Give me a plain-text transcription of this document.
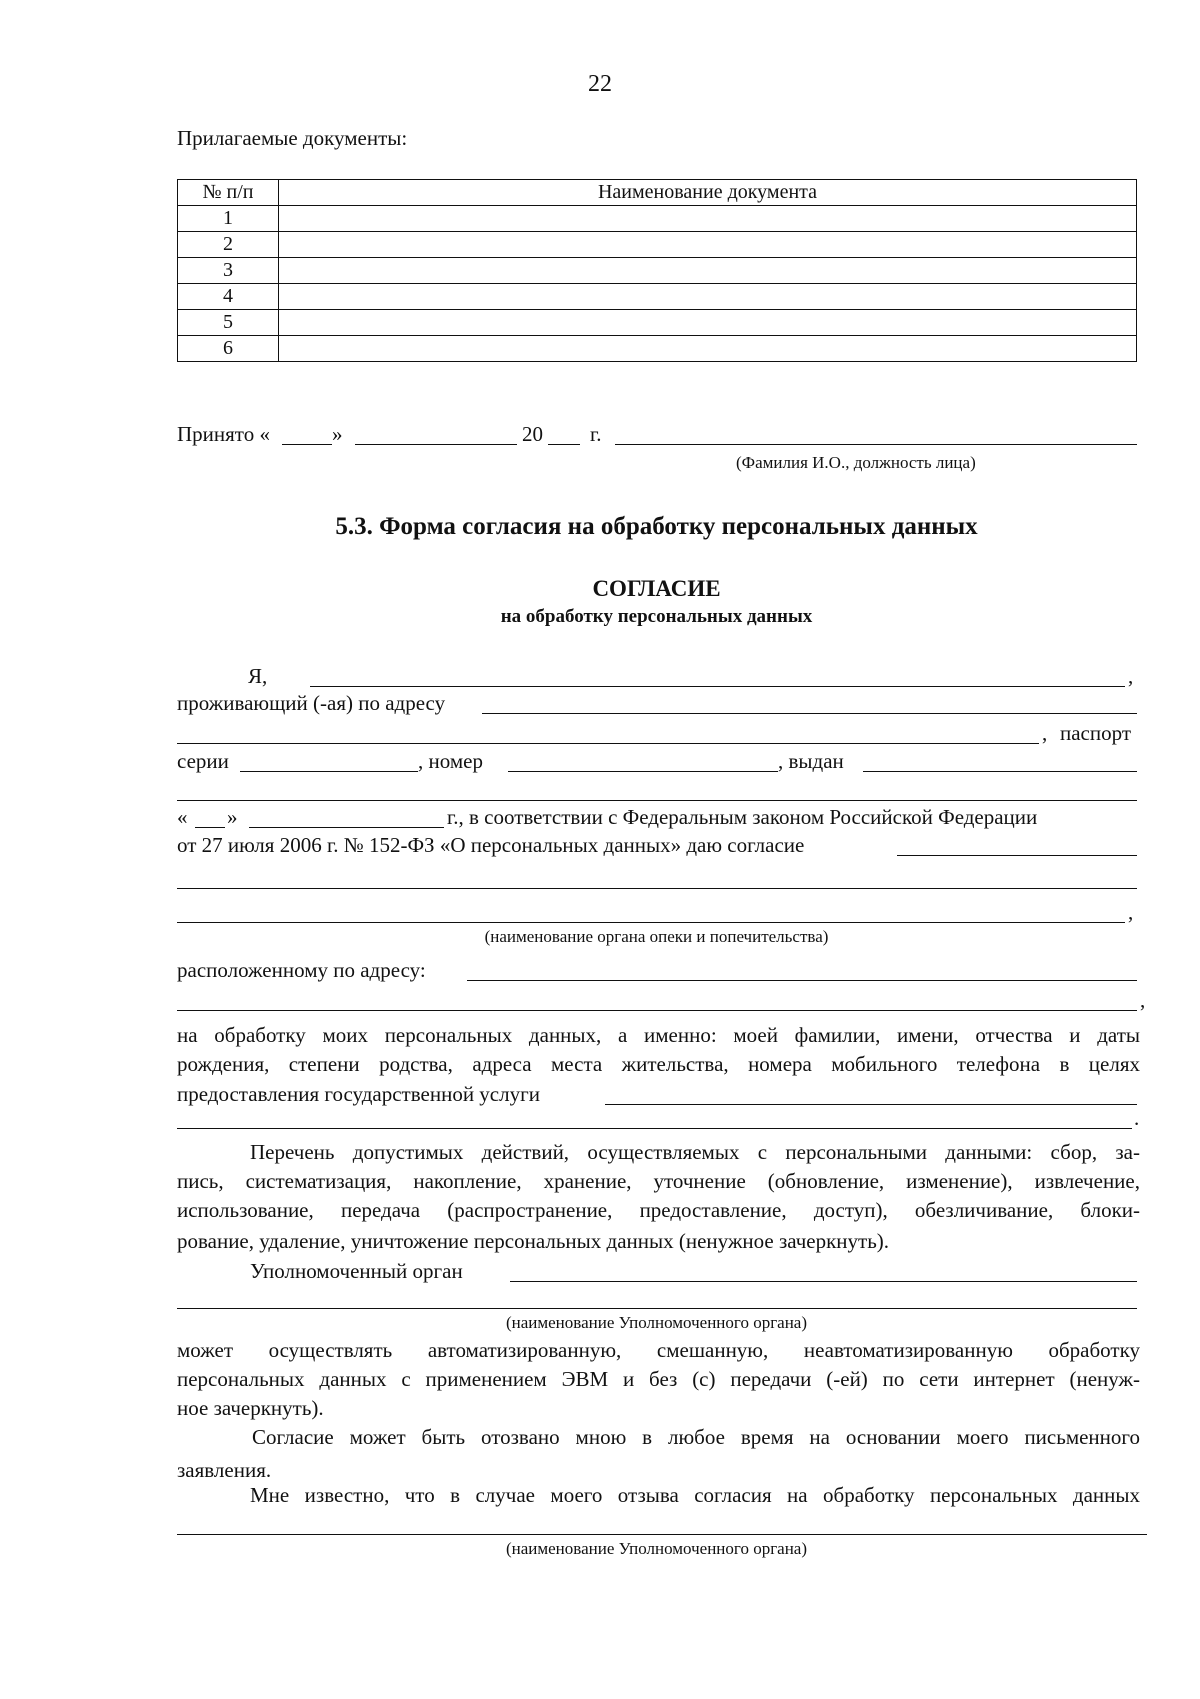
22
Прилагаемые документы:
№ п/п	Наименование документа
1	
2	
3	
4	
5	
6	
Принято «	»	20 г.
(Фамилия И.О., должность лица)
5.3. Форма согласия на обработку персональных данных
СОГЛАСИЕ
на обработку персональных данных
Я,	,
проживающий (-ая) по адресу
, паспорт
серии	, номер	, выдан
« »	г., в соответствии с Федеральным законом Российской Федерации
от 27 июля 2006 г. № 152-ФЗ «О персональных данных» даю согласие
,
(наименование органа опеки и попечительства)
расположенному по адресу:
,
на обработку моих персональных данных, а именно: моей фамилии, имени, отчества и даты
рождения, степени родства, адреса места жительства, номера мобильного телефона в целях
предоставления государственной услуги
.
Перечень допустимых действий, осуществляемых с персональными данными: сбор, за-
пись, систематизация, накопление, хранение, уточнение (обновление, изменение), извлечение,
использование, передача (распространение, предоставление, доступ), обезличивание, блоки-
рование, удаление, уничтожение персональных данных (ненужное зачеркнуть).
Уполномоченный орган
(наименование Уполномоченного органа)
может осуществлять автоматизированную, смешанную, неавтоматизированную обработку
персональных данных с применением ЭВМ и без (с) передачи (-ей) по сети интернет (ненуж-
ное зачеркнуть).
Согласие может быть отозвано мною в любое время на основании моего письменного
заявления.
Мне известно, что в случае моего отзыва согласия на обработку персональных данных
(наименование Уполномоченного органа)
